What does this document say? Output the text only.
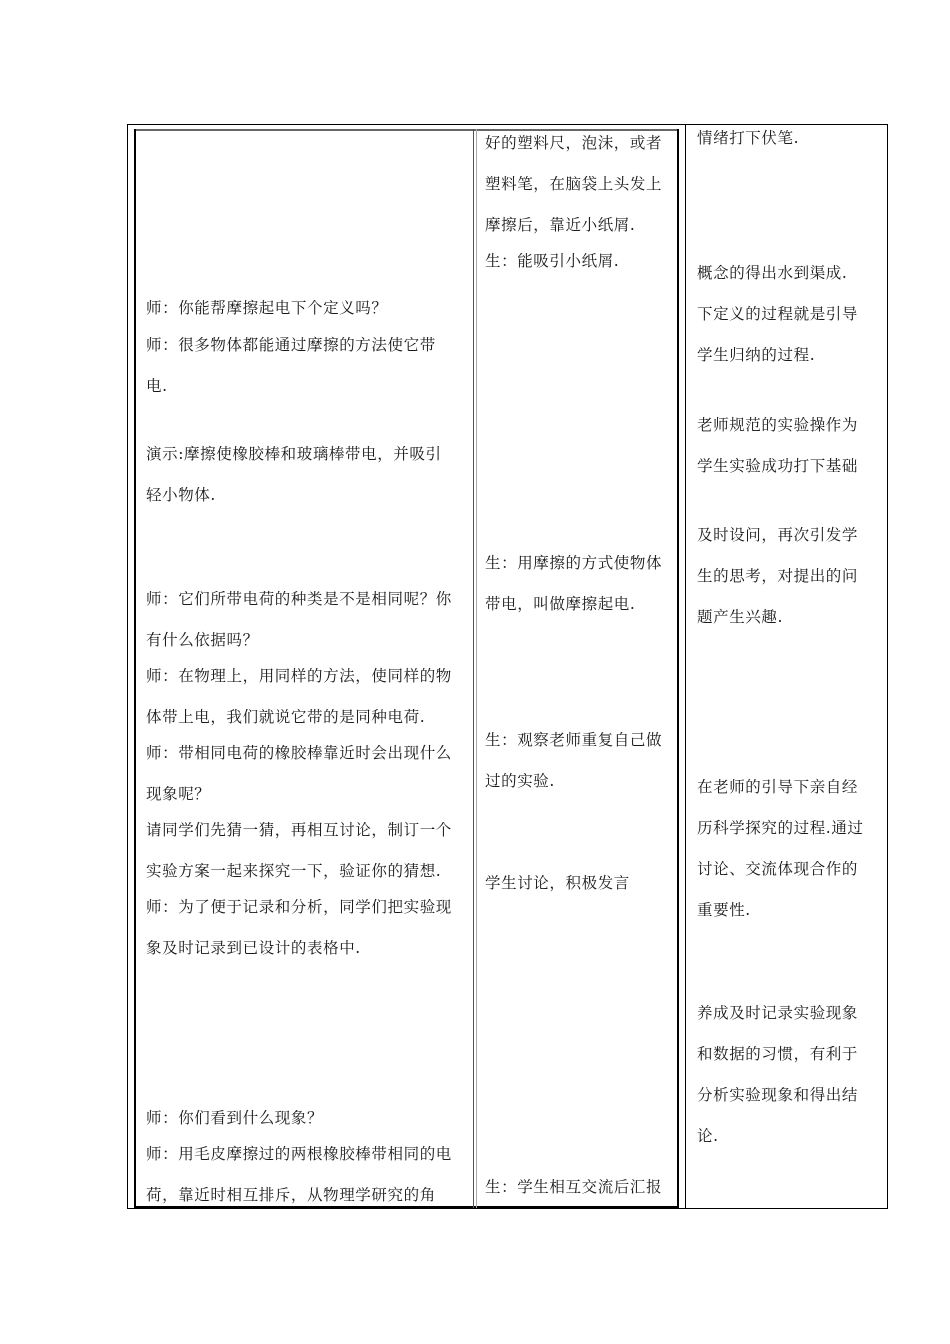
师：你能帮摩擦起电下个定义吗？
师：很多物体都能通过摩擦的方法使它带
电.
演示:摩擦使橡胶棒和玻璃棒带电，并吸引
轻小物体.
师：它们所带电荷的种类是不是相同呢？你
有什么依据吗？
师：在物理上，用同样的方法，使同样的物
体带上电，我们就说它带的是同种电荷.
师：带相同电荷的橡胶棒靠近时会出现什么
现象呢？
请同学们先猜一猜，再相互讨论，制订一个
实验方案一起来探究一下，验证你的猜想.
师：为了便于记录和分析，同学们把实验现
象及时记录到已设计的表格中.
师：你们看到什么现象？
师：用毛皮摩擦过的两根橡胶棒带相同的电
荷，靠近时相互排斥，从物理学研究的角
好的塑料尺，泡沫，或者
塑料笔，在脑袋上头发上
摩擦后，靠近小纸屑.
生：能吸引小纸屑.
生：用摩擦的方式使物体
带电，叫做摩擦起电.
生：观察老师重复自己做
过的实验.
学生讨论，积极发言
生：学生相互交流后汇报
情绪打下伏笔.
概念的得出水到渠成.
下定义的过程就是引导
学生归纳的过程.
老师规范的实验操作为
学生实验成功打下基础
及时设问，再次引发学
生的思考，对提出的问
题产生兴趣.
在老师的引导下亲自经
历科学探究的过程.通过
讨论、交流体现合作的
重要性.
养成及时记录实验现象
和数据的习惯，有利于
分析实验现象和得出结
论.
